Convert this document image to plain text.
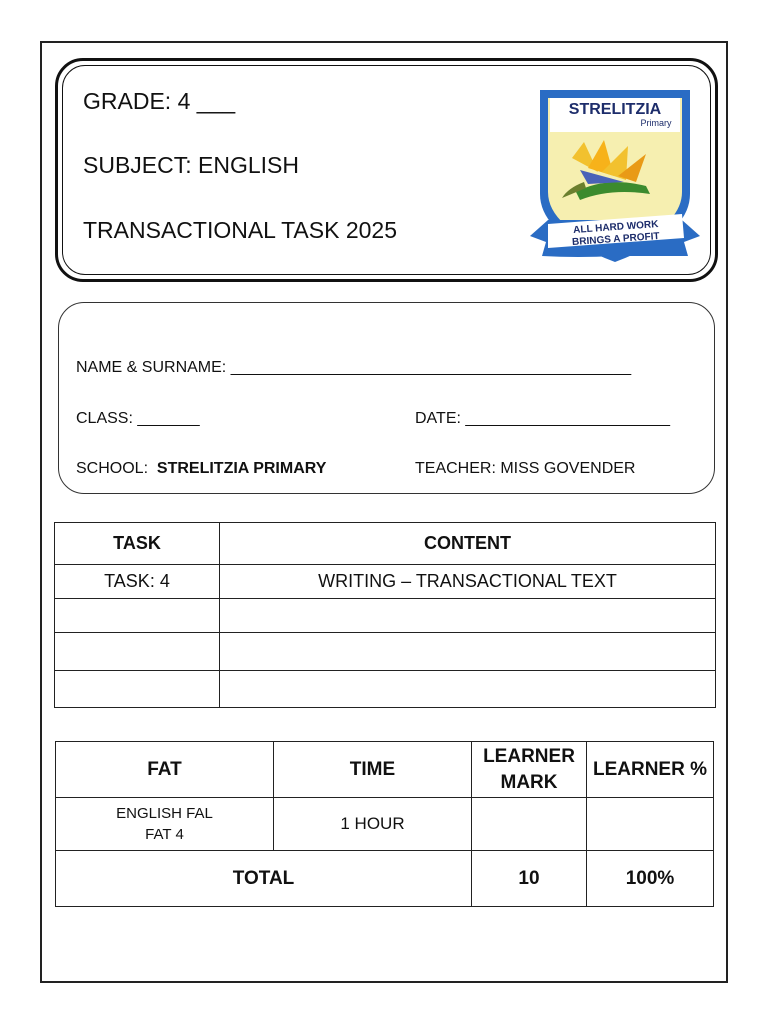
GRADE: 4 ___
SUBJECT: ENGLISH
TRANSACTIONAL TASK 2025
STRELITZIA
Primary
ALL HARD WORK
BRINGS A PROFIT
NAME & SURNAME: _____________________________________________
CLASS: _______	DATE: _______________________
SCHOOL: STRELITZIA PRIMARY	TEACHER: MISS GOVENDER
TASK	CONTENT
TASK: 4	WRITING – TRANSACTIONAL TEXT

FAT	TIME	LEARNER MARK	LEARNER %

ENGLISH FAL
FAT 4	1 HOUR		
TOTAL		10	100%
